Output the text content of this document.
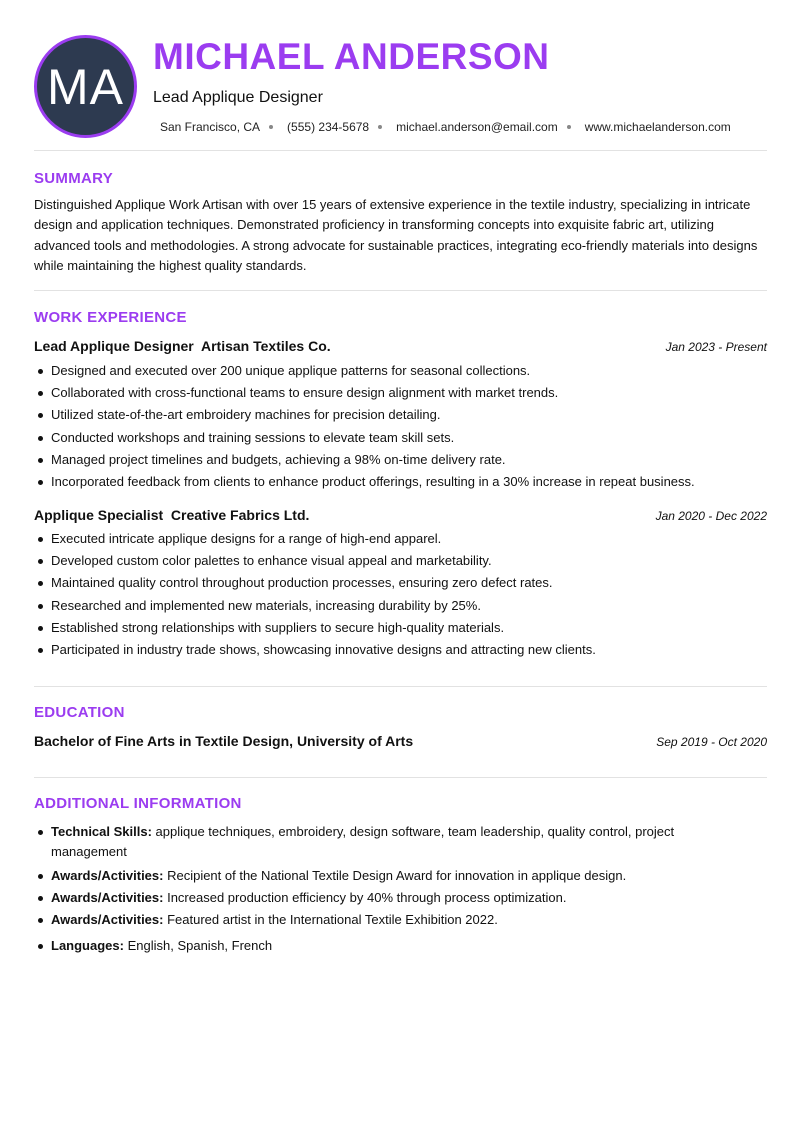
MA
MICHAEL ANDERSON
Lead Applique Designer
San Francisco, CA (555) 234-5678 michael.anderson@email.com www.michaelanderson.com
SUMMARY

Distinguished Applique Work Artisan with over 15 years of extensive experience in the textile industry, specializing in intricate design and application techniques. Demonstrated proficiency in transforming concepts into exquisite fabric art, utilizing advanced tools and methodologies. A strong advocate for sustainable practices, integrating eco-friendly materials into designs while maintaining the highest quality standards.

WORK EXPERIENCE
Lead Applique Designer  Artisan Textiles Co.	Jan 2023 - Present
Designed and executed over 200 unique applique patterns for seasonal collections.
Collaborated with cross-functional teams to ensure design alignment with market trends.
Utilized state-of-the-art embroidery machines for precision detailing.
Conducted workshops and training sessions to elevate team skill sets.
Managed project timelines and budgets, achieving a 98% on-time delivery rate.
Incorporated feedback from clients to enhance product offerings, resulting in a 30% increase in repeat business.
Applique Specialist  Creative Fabrics Ltd.	Jan 2020 - Dec 2022
Executed intricate applique designs for a range of high-end apparel.
Developed custom color palettes to enhance visual appeal and marketability.
Maintained quality control throughout production processes, ensuring zero defect rates.
Researched and implemented new materials, increasing durability by 25%.
Established strong relationships with suppliers to secure high-quality materials.
Participated in industry trade shows, showcasing innovative designs and attracting new clients.
EDUCATION
Bachelor of Fine Arts in Textile Design, University of Arts	Sep 2019 - Oct 2020
ADDITIONAL INFORMATION
Technical Skills: applique techniques, embroidery, design software, team leadership, quality control, project management
Awards/Activities: Recipient of the National Textile Design Award for innovation in applique design.
Awards/Activities: Increased production efficiency by 40% through process optimization.
Awards/Activities: Featured artist in the International Textile Exhibition 2022.
Languages: English, Spanish, French
